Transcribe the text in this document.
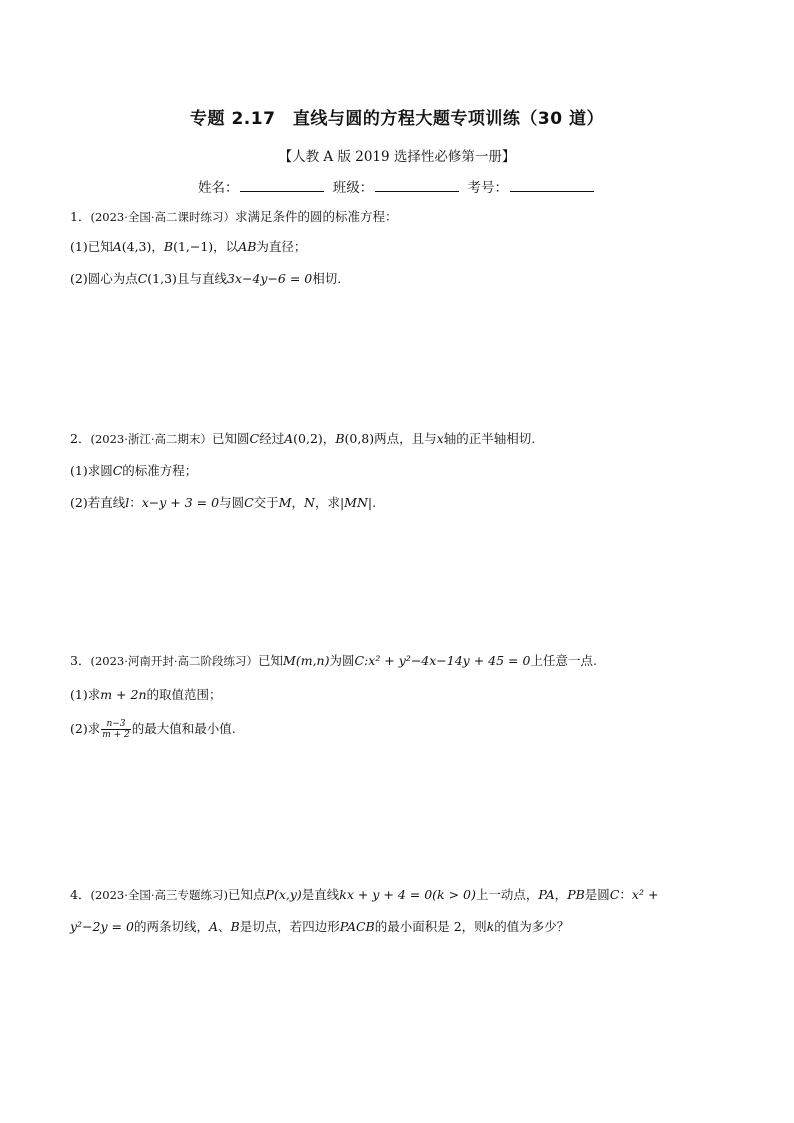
专题 2.17　直线与圆的方程大题专项训练（30 道）
【人教 A 版 2019 选择性必修第一册】
姓名：	班级：	考号：
1．(2023·全国·高二课时练习）求满足条件的圆的标准方程：
(1)已知A(4,3)，B(1,−1)，以AB为直径；
(2)圆心为点C(1,3)且与直线3x−4y−6 = 0相切.
2．(2023·浙江·高二期末）已知圆C经过A(0,2)，B(0,8)两点，且与x轴的正半轴相切.
(1)求圆C的标准方程；
(2)若直线l：x−y + 3 = 0与圆C交于M，N，求|MN|.
3．(2023·河南开封·高二阶段练习）已知M(m,n)为圆C:x² + y²−4x−14y + 45 = 0上任意一点.
(1)求m + 2n的取值范围；
(2)求 $\frac{n-3}{m + 2}$ 的最大值和最小值.
4．(2023·全国·高三专题练习)已知点P(x,y)是直线kx + y + 4 = 0(k > 0)上一动点，PA，PB是圆C：x² +
y²−2y = 0的两条切线，A、B是切点，若四边形PACB的最小面积是 2，则k的值为多少？
